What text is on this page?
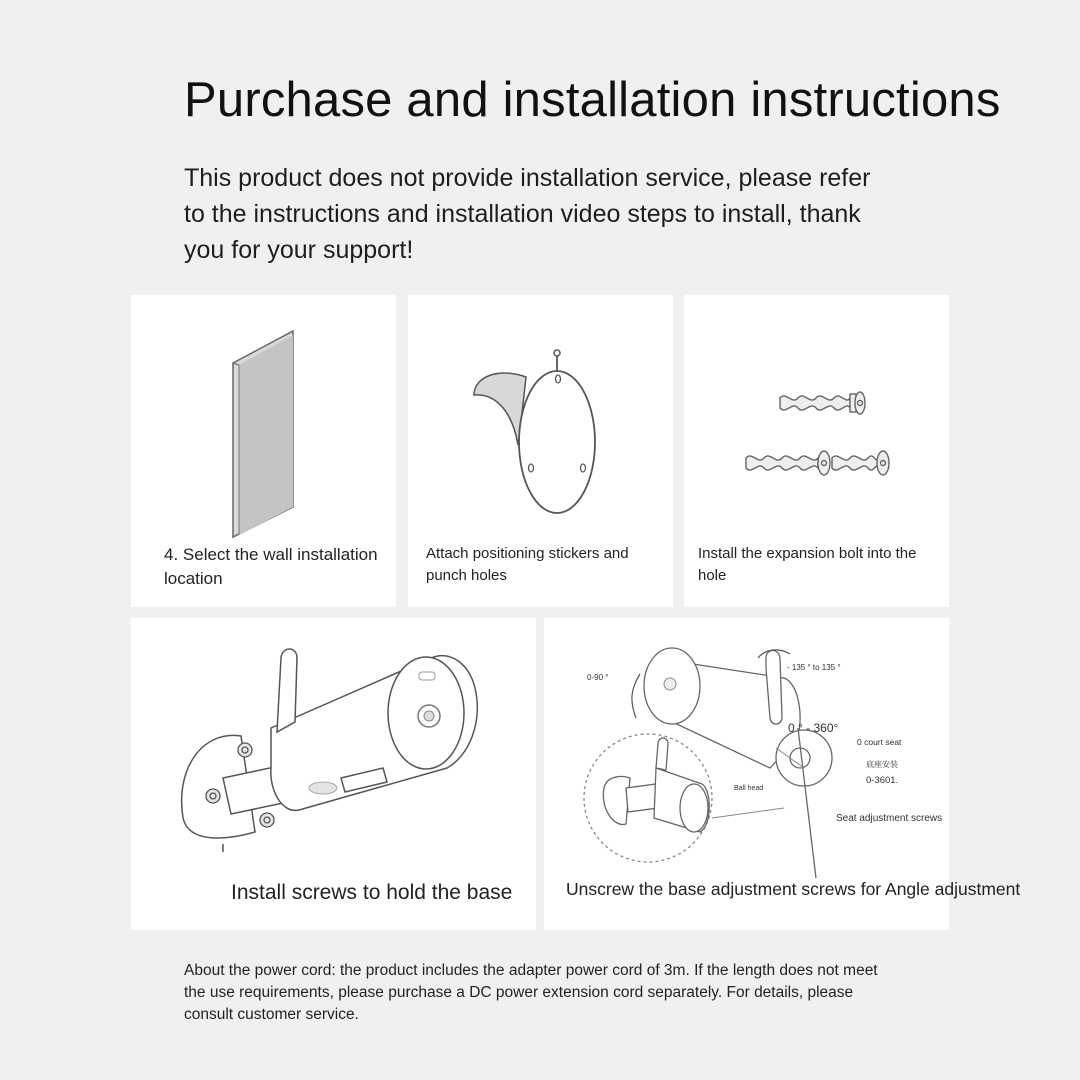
Purchase and installation instructions

This product does not provide installation service, please refer
to the instructions and installation video steps to install, thank
you for your support!

4. Select the wall installation
location
Attach positioning stickers and
punch holes
Install the expansion bolt into the
hole
Install screws to hold the base
0-90 °
- 135 ° to 135 °
0 ° - 360°
0 court seat
底座安装
0-3601.
Ball head
Seat adjustment screws
Unscrew the base adjustment screws for Angle adjustment
About the power cord: the product includes the adapter power cord of 3m. If the length does not meet
the use requirements, please purchase a DC power extension cord separately. For details, please
consult customer service.
